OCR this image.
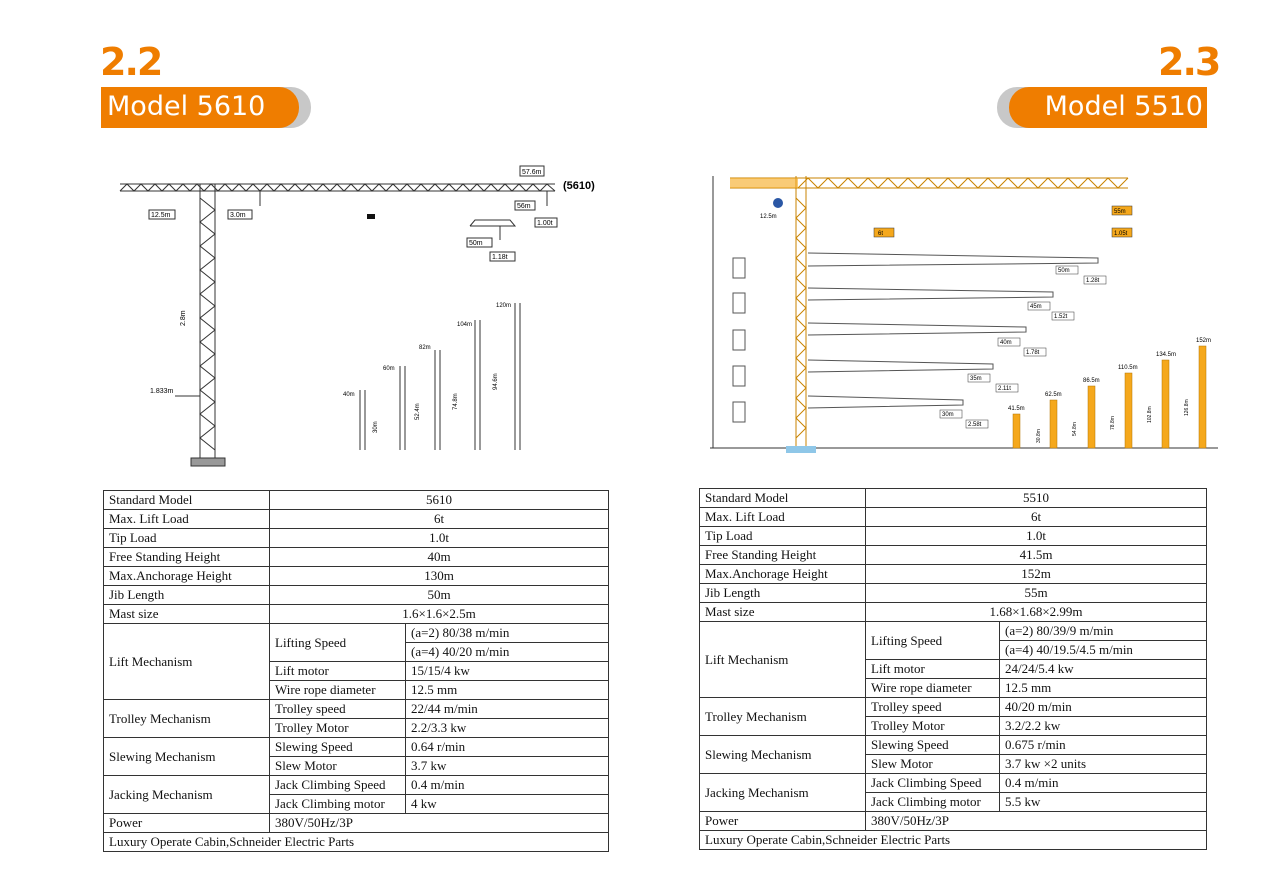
2.2
Model 5610
2.3
Model 5510
57.6m
(5610)
56m
1.00t
50m
1.18t
12.5m	3.0m
2.8m
1.833m	40m
60m
82m
104m
120m
30m
52.4m
74.8m
94.6m
6t
55m
1.05t
12.5m
50m
1.28t
45m
1.52t
40m
1.78t
35m
2.11t
30m
2.58t
41.5m
62.5m
86.5m
110.5m
134.5m
152m
30.8m
54.8m	78.8m
102.8m	126.8m
Standard Model	5610	
Max. Lift Load	6t	
Tip Load	1.0t	
Free Standing Height	40m	
Max.Anchorage Height	130m	
Jib Length	50m	
Mast size	1.6×1.6×2.5m	
Lift Mechanism	Lifting Speed	(a=2) 80/38 m/min
		(a=4) 40/20 m/min
	Lift motor	15/15/4 kw
	Wire rope diameter	12.5 mm
Trolley Mechanism	Trolley speed	22/44 m/min
	Trolley Motor	2.2/3.3 kw
Slewing Mechanism	Slewing Speed	0.64 r/min
	Slew Motor	3.7 kw
Jacking Mechanism	Jack Climbing Speed	0.4 m/min
	Jack Climbing motor	4 kw
Power	380V/50Hz/3P	
Luxury Operate Cabin,Schneider Electric Parts		
Standard Model	5510	
Max. Lift Load	6t	
Tip Load	1.0t	
Free Standing Height	41.5m	
Max.Anchorage Height	152m	
Jib Length	55m	
Mast size	1.68×1.68×2.99m	
Lift Mechanism	Lifting Speed	(a=2) 80/39/9 m/min
		(a=4) 40/19.5/4.5 m/min
	Lift motor	24/24/5.4 kw
	Wire rope diameter	12.5 mm
Trolley Mechanism	Trolley speed	40/20 m/min
	Trolley Motor	3.2/2.2 kw
Slewing Mechanism	Slewing Speed	0.675 r/min
	Slew Motor	3.7 kw ×2 units
Jacking Mechanism	Jack Climbing Speed	0.4 m/min
	Jack Climbing motor	5.5 kw
Power	380V/50Hz/3P	
Luxury Operate Cabin,Schneider Electric Parts		
